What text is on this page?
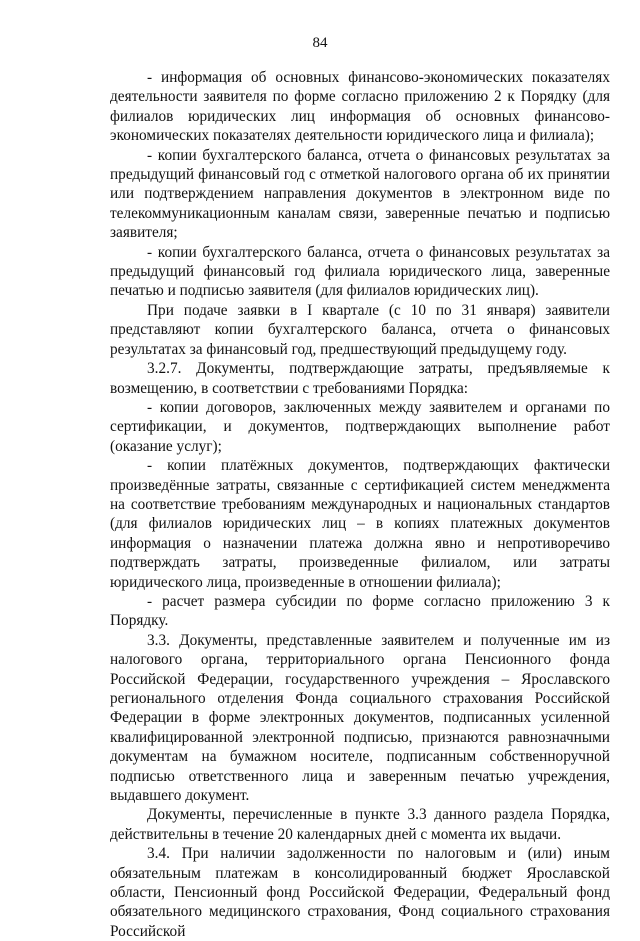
84

- информация об основных финансово-экономических показателях деятельности заявителя по форме согласно приложению 2 к Порядку (для филиалов юридических лиц информация об основных финансово-экономических показателях деятельности юридического лица и филиала);

- копии бухгалтерского баланса, отчета о финансовых результатах за предыдущий финансовый год с отметкой налогового органа об их принятии или подтверждением направления документов в электронном виде по телекоммуникационным каналам связи, заверенные печатью и подписью заявителя;

- копии бухгалтерского баланса, отчета о финансовых результатах за предыдущий финансовый год филиала юридического лица, заверенные печатью и подписью заявителя (для филиалов юридических лиц).

При подаче заявки в I квартале (с 10 по 31 января) заявители представляют копии бухгалтерского баланса, отчета о финансовых результатах за финансовый год, предшествующий предыдущему году.

3.2.7. Документы, подтверждающие затраты, предъявляемые к возмещению, в соответствии с требованиями Порядка:

- копии договоров, заключенных между заявителем и органами по сертификации, и документов, подтверждающих выполнение работ (оказание услуг);

- копии платёжных документов, подтверждающих фактически произведённые затраты, связанные с сертификацией систем менеджмента на соответствие требованиям международных и национальных стандартов (для филиалов юридических лиц – в копиях платежных документов информация о назначении платежа должна явно и непротиворечиво подтверждать затраты, произведенные филиалом, или затраты юридического лица, произведенные в отношении филиала);

- расчет размера субсидии по форме согласно приложению 3 к Порядку.

3.3. Документы, представленные заявителем и полученные им из налогового органа, территориального органа Пенсионного фонда Российской Федерации, государственного учреждения – Ярославского регионального отделения Фонда социального страхования Российской Федерации в форме электронных документов, подписанных усиленной квалифицированной электронной подписью, признаются равнозначными документам на бумажном носителе, подписанным собственноручной подписью ответственного лица и заверенным печатью учреждения, выдавшего документ.

Документы, перечисленные в пункте 3.3 данного раздела Порядка, действительны в течение 20 календарных дней с момента их выдачи.

3.4. При наличии задолженности по налоговым и (или) иным обязательным платежам в консолидированный бюджет Ярославской области, Пенсионный фонд Российской Федерации, Федеральный фонд обязательного медицинского страхования, Фонд социального страхования Российской
